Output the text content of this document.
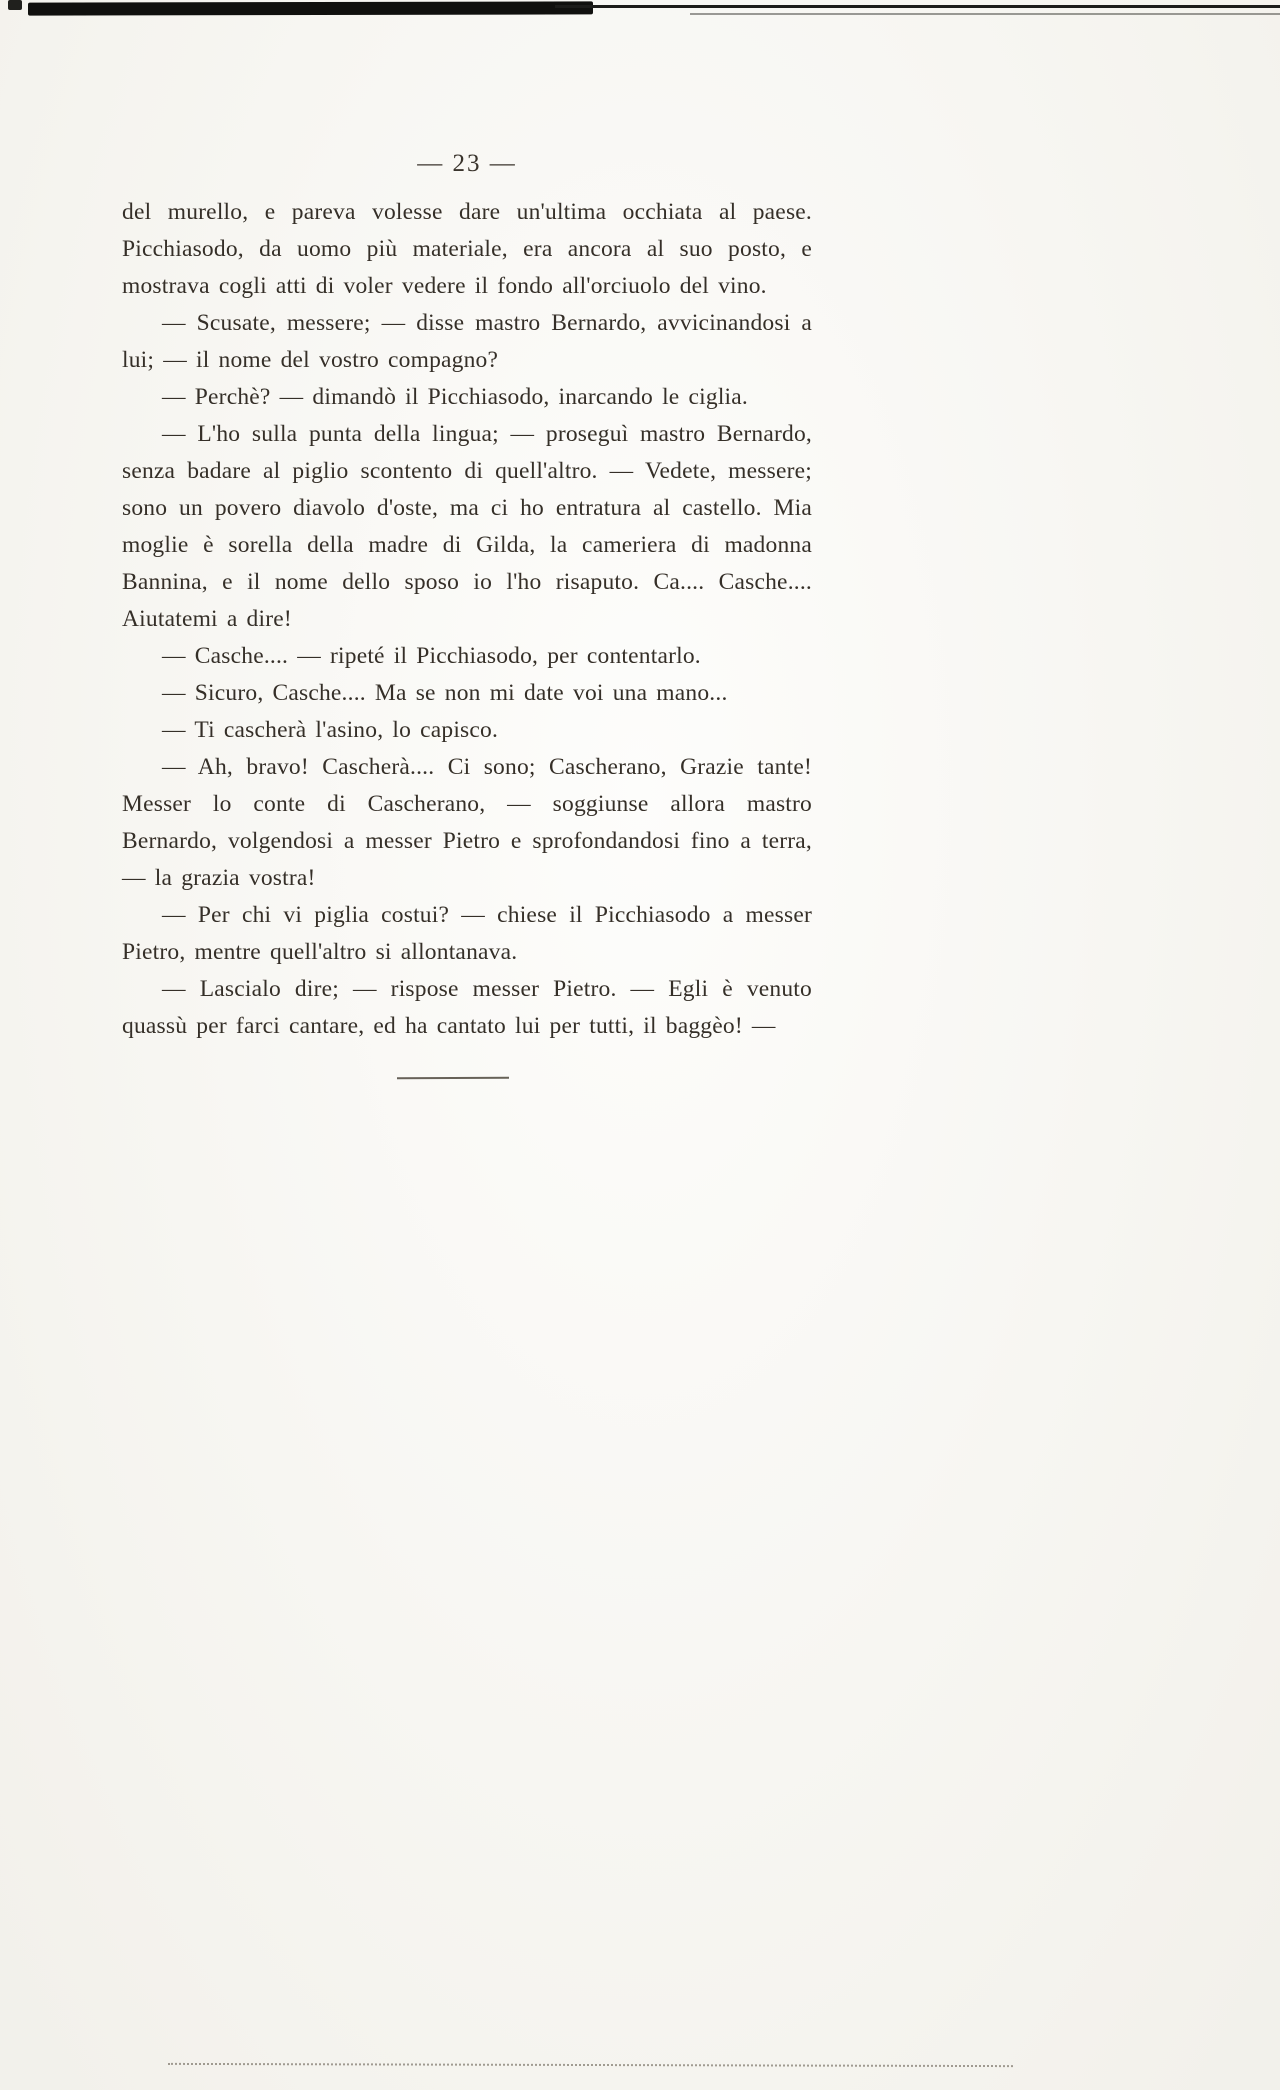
— 23 —

del murello, e pareva volesse dare un'ultima occhiata al paese. Picchiasodo, da uomo più materiale, era ancora al suo posto, e mostrava cogli atti di voler vedere il fondo all'orciuolo del vino.

— Scusate, messere; — disse mastro Bernardo, avvicinandosi a lui; — il nome del vostro compagno?

— Perchè? — dimandò il Picchiasodo, inarcando le ciglia.

— L'ho sulla punta della lingua; — proseguì mastro Bernardo, senza badare al piglio scontento di quell'altro. — Vedete, messere; sono un povero diavolo d'oste, ma ci ho entratura al castello. Mia moglie è sorella della madre di Gilda, la cameriera di madonna Bannina, e il nome dello sposo io l'ho risaputo. Ca.... Casche.... Aiutatemi a dire!

— Casche.... — ripeté il Picchiasodo, per contentarlo.

— Sicuro, Casche.... Ma se non mi date voi una mano...

— Ti cascherà l'asino, lo capisco.

— Ah, bravo! Cascherà.... Ci sono; Cascherano, Grazie tante! Messer lo conte di Cascherano, — soggiunse allora mastro Bernardo, volgendosi a messer Pietro e sprofondandosi fino a terra, — la grazia vostra!

— Per chi vi piglia costui? — chiese il Picchiasodo a messer Pietro, mentre quell'altro si allontanava.

— Lascialo dire; — rispose messer Pietro. — Egli è venuto quassù per farci cantare, ed ha cantato lui per tutti, il baggèo! —
